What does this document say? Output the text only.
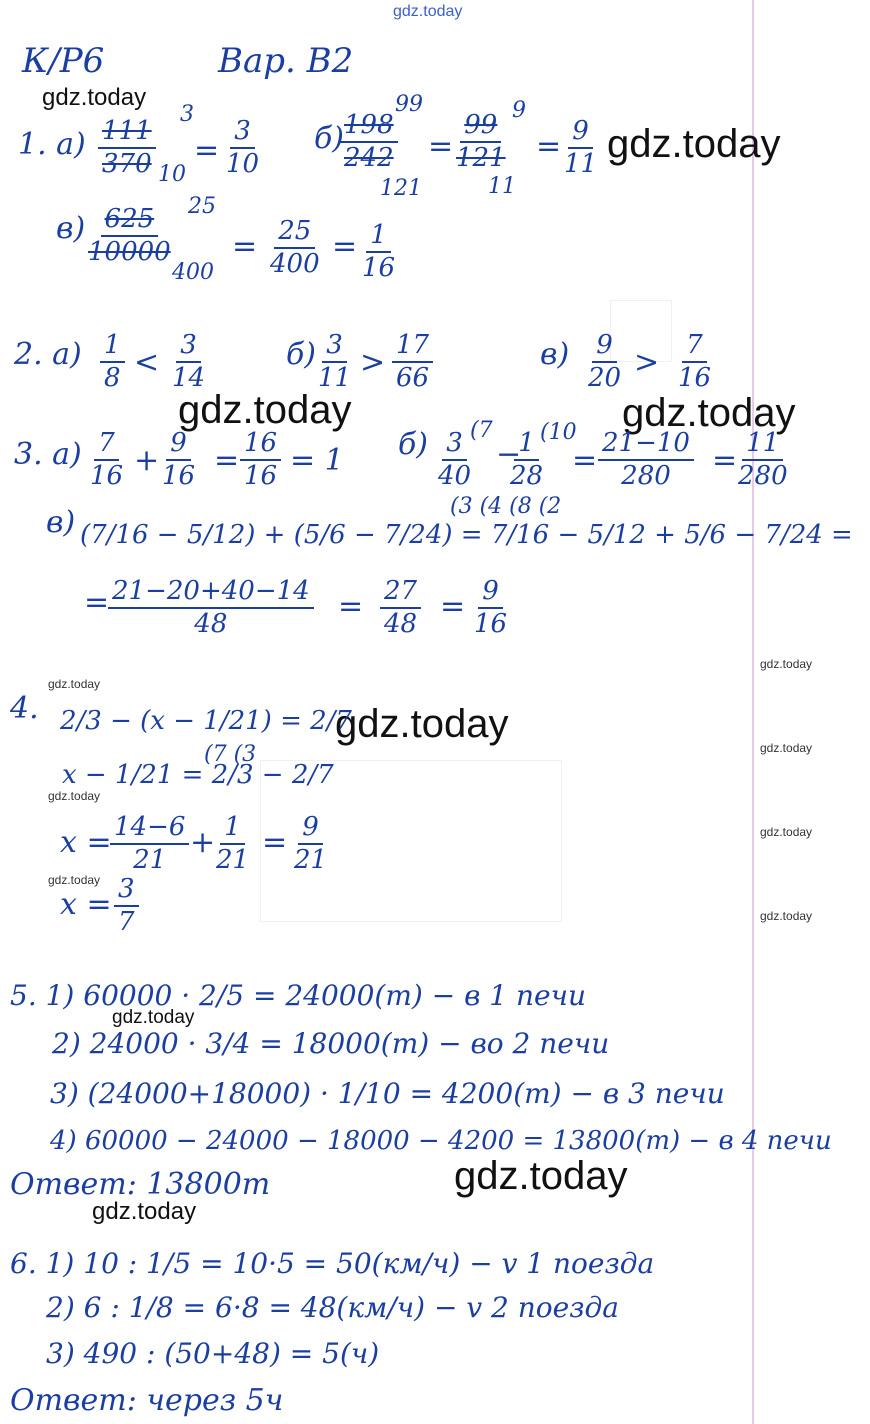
gdz.today
gdz.today
gdz.today
gdz.today	gdz.today
gdz.today
gdz.today
gdz.today
gdz.today
gdz.today
gdz.today
gdz.today
gdz.today
gdz.today
gdz.today
gdz.today
К/Р6	Вар. В2
1. $а) \frac{111}{370}$
3
10
= $\frac{3}{10} б$)
$\frac{198}{242}$
99
121
=
$\frac{99}{121}$
9
11
=
$\frac{9}{11}$
в)
$\frac{625}{10000} 25$
400
= $\frac{25}{400} = \frac{1}{16}$
2. $а) \frac{1}{8} < \frac{3}{14}$	б)
$\frac{3}{11} > \frac{17}{66}$	$в) \frac{9}{20} > \frac{7}{16}$
3. $а) \frac{7}{16}$ +
$\frac{9}{16} = \frac{16}{16} = 1$ $б) \frac{3}{40}$
(7
−
$\frac{1}{28}$
(10
= $\frac{21-10}{280}$ =
$\frac{11}{280}$
в) (7/16 − 5/12) + (5/6 − 7/24) = 7/16 − 5/12 + 5/6 − 7/24 =
(3 (4 (8 (2
=
$\frac{21-20+40-14}{48} = \frac{27}{48} = \frac{9}{16}$
4. 2/3 − (x − 1/21) = 2/7
(7 (3
x − 1/21 = 2/3 − 2/7
x =
$\frac{14-6}{21}$ +
$\frac{1}{21} = \frac{9}{21}$
$x = \frac{3}{7}$
5. 1) 60000 · 2/5 = 24000(т) − в 1 печи
2) 24000 · 3/4 = 18000(т) − во 2 печи
3) (24000+18000) · 1/10 = 4200(т) − в 3 печи
4) 60000 − 24000 − 18000 − 4200 = 13800(т) − в 4 печи
Ответ: 13800т
6. 1) 10 : 1/5 = 10·5 = 50(км/ч) − v 1 поезда
2) 6 : 1/8 = 6·8 = 48(км/ч) − v 2 поезда
3) 490 : (50+48) = 5(ч)
Ответ: через 5ч
